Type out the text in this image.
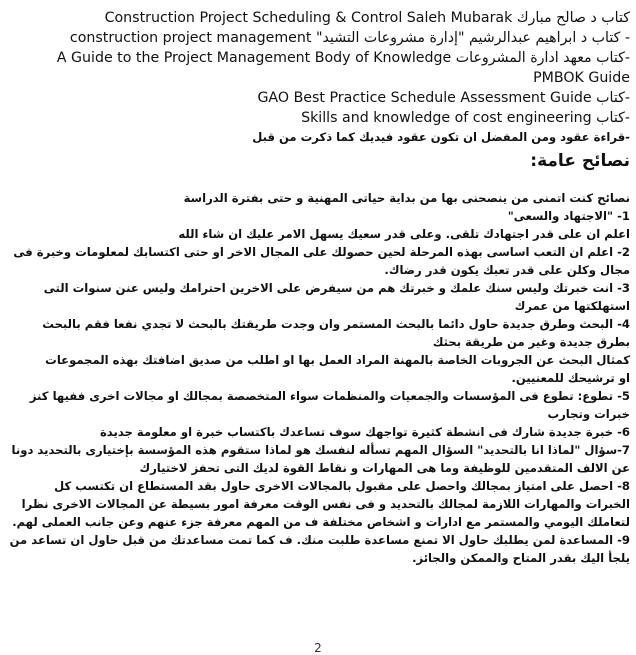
كتاب د صالح مبارك Construction Project Scheduling & Control Saleh Mubarak
- كتاب د ابراهيم عبدالرشيم "إدارة مشروعات التشيد" construction project management
-كتاب معهد ادارة المشروعات A Guide to the Project Management Body of Knowledge PMBOK Guide
-كتاب GAO Best Practice Schedule Assessment Guide
-كتاب Skills and knowledge of cost engineering
-قراءة عقود ومن المفضل ان تكون عقود فيديك كما ذكرت من قبل
نصائح عامة:
نصائح كنت اتمنى من ينصحنى بها من بداية حياتى المهنية و حتى بفترة الدراسة
1- "الاجتهاد والسعى"
اعلم ان على قدر اجتهادك تلقى. وعلى قدر سعيك يسهل الامر عليك ان شاء الله
2- اعلم ان التعب اساسى بهذه المرحلة لحين حصولك على المجال الاخر او حتى اكتسابك لمعلومات وخبرة فى مجال وكلن على قدر تعبك يكون قدر رضاك.
3- انت خبرتك وليس سنك علمك و خبرتك هم من سيفرض على الاخرين احترامك وليس عنن سنوات التى استهلكتها من عمرك
4- البحث وطرق جديدة حاول دائما بالبحث المستمر وان وجدت طريقتك بالبحث لا تجدي نفعا فقم بالبحث بطرق جديدة وغير من طريقة بحثك
كمثال البحث عن الجروبات الخاصة بالمهنة المراد العمل بها او اطلب من صديق اضافتك بهذه المجموعات
او ترشيحك للمعنيين.
5- تطوع: تطوع فى المؤسسات والجمعيات والمنظمات سواء المتخصصة بمجالك او مجالات اخرى ففيها كنز خبرات وتجارب
6- خبرة جديدة شارك فى انشطة كثيرة تواجهك سوف تساعدك باكتساب خبرة او معلومة جديدة
7-سؤال "لماذا انا بالتحديد" السؤال المهم تسأله لنفسك هو لماذا ستقوم هذه المؤسسة بإختيارى بالتحديد دونا عن الالف المتقدمين للوظيفة وما هى المهارات و نقاط القوة لديك التى تحفز لاختيارك
8- احصل على امتياز بمجالك واحصل على مقبول بالمجالات الاخرى حاول بقد المستطاع ان تكتسب كل الخبرات والمهارات اللازمة لمجالك بالتحديد و فى نفس الوقت معرفة امور بسيطة عن المجالات الاخرى نظرا
لتعاملك اليومي والمستمر مع ادارات و اشخاص مختلفة ف من المهم معرفة جزء عنهم وعن جانب العملى لهم.
9- المساعدة لمن يطلبك حاول الا تمنع مساعدة طلبت منك. ف كما تمت مساعدتك من قبل حاول ان تساعد من يلجأ اليك بقدر المتاح والممكن والجائز.
2
